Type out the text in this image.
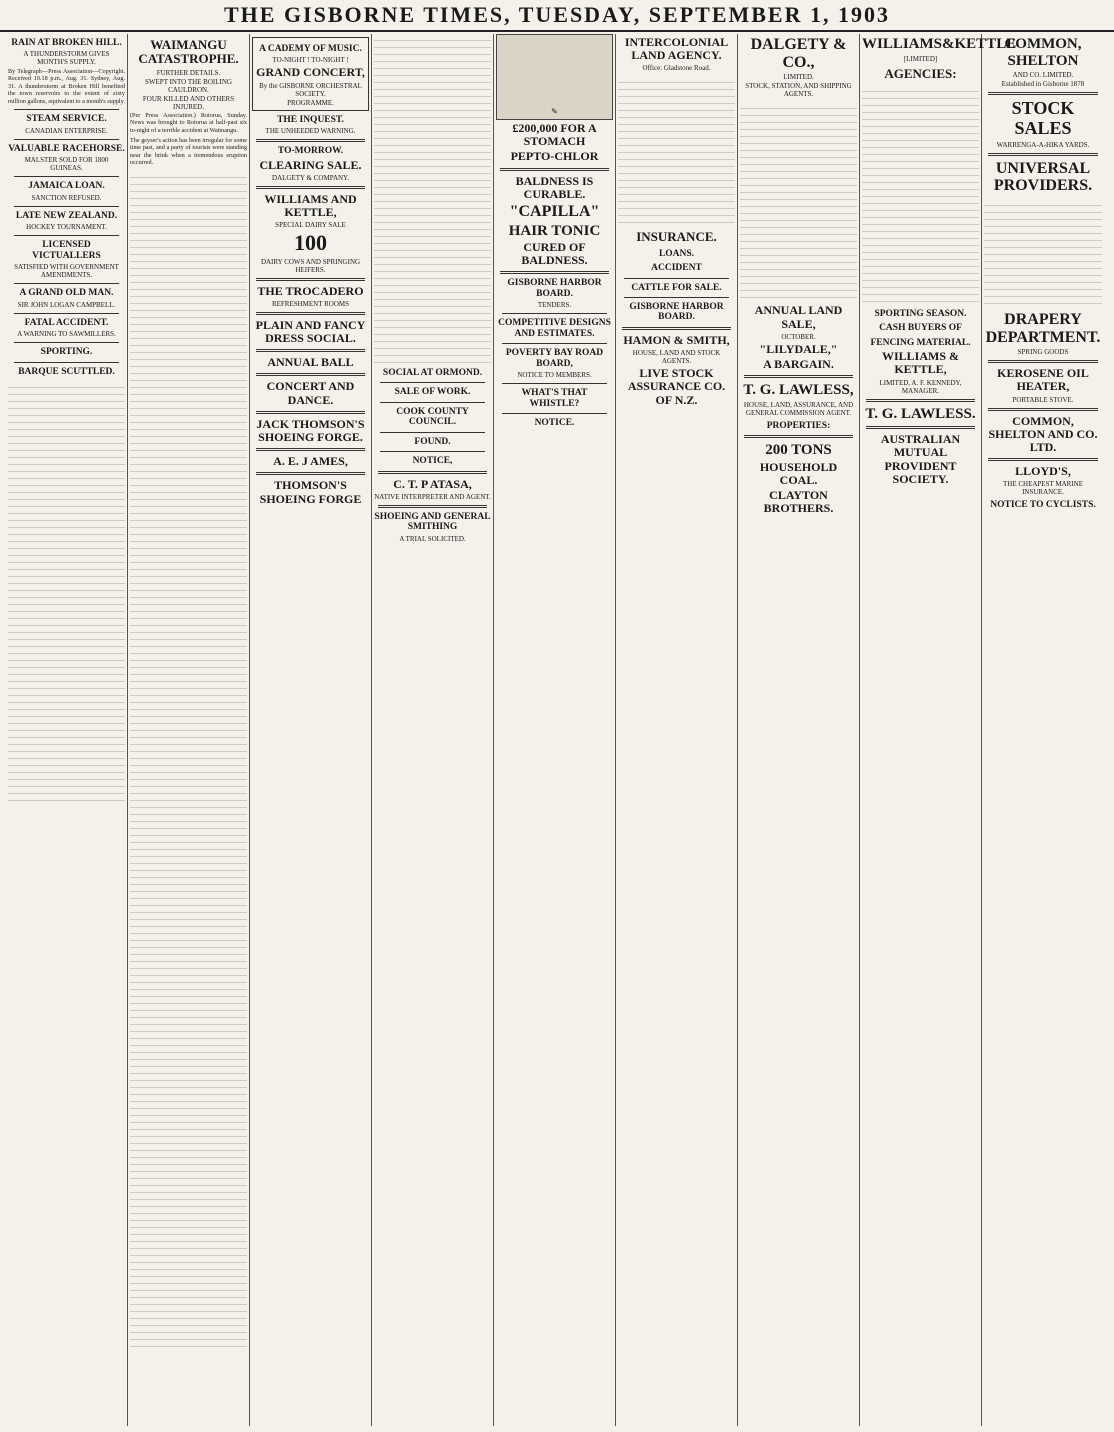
THE GISBORNE TIMES, TUESDAY, SEPTEMBER 1, 1903
RAIN AT BROKEN HILL.
A THUNDERSTORM GIVES MONTH'S SUPPLY.
By Telegraph—Press Association—Copyright. Received 10.18 p.m., Aug. 31. Sydney, Aug. 31. A thunderstorm at Broken Hill benefited the town reservoirs to the extent of sixty million gallons, equivalent to a month's supply.
STEAM SERVICE.
CANADIAN ENTERPRISE.
VALUABLE RACEHORSE.
MALSTER SOLD FOR 1800 GUINEAS.
JAMAICA LOAN.
SANCTION REFUSED.
LATE NEW ZEALAND.
HOCKEY TOURNAMENT.
LICENSED VICTUALLERS
SATISFIED WITH GOVERNMENT AMENDMENTS.
A GRAND OLD MAN.
SIR JOHN LOGAN CAMPBELL.
FATAL ACCIDENT.
A WARNING TO SAWMILLERS.
SPORTING.
BARQUE SCUTTLED.
WAIMANGU CATASTROPHE.
FURTHER DETAILS.
SWEPT INTO THE BOILING CAULDRON.
FOUR KILLED AND OTHERS INJURED.
(Per Press Association.) Rotorua, Sunday. News was brought to Rotorua at half-past six to-night of a terrible accident at Waimangu.
The geyser's action has been irregular for some time past, and a party of tourists were standing near the brink when a tremendous eruption occurred.
A CADEMY OF MUSIC.
TO-NIGHT ! TO-NIGHT !
GRAND CONCERT,
By the GISBORNE ORCHESTRAL SOCIETY.
PROGRAMME.
THE INQUEST.
THE UNHEEDED WARNING.
TO-MORROW.
CLEARING SALE.
DALGETY & COMPANY.
WILLIAMS AND KETTLE,
SPECIAL DAIRY SALE
100
DAIRY COWS AND SPRINGING HEIFERS.
THE TROCADERO
REFRESHMENT ROOMS
PLAIN AND FANCY DRESS SOCIAL.
ANNUAL BALL
CONCERT AND DANCE.
JACK THOMSON'S SHOEING FORGE.
A. E. J AMES,
THOMSON'S SHOEING FORGE
SOCIAL AT ORMOND.
SALE OF WORK.
COOK COUNTY COUNCIL.
FOUND.
NOTICE,
C. T. P ATASA,
NATIVE INTERPRETER AND AGENT.
SHOEING AND GENERAL SMITHING
A TRIAL SOLICITED.
✎
£200,000 FOR A STOMACH
PEPTO-CHLOR
BALDNESS IS CURABLE.
"CAPILLA"
HAIR TONIC
CURED OF BALDNESS.
GISBORNE HARBOR BOARD.
TENDERS.
COMPETITIVE DESIGNS AND ESTIMATES.
POVERTY BAY ROAD BOARD,
NOTICE TO MEMBERS.
WHAT'S THAT WHISTLE?
NOTICE.
INTERCOLONIAL LAND AGENCY.
Office: Gladstone Road.
INSURANCE.
LOANS.
ACCIDENT
CATTLE FOR SALE.
GISBORNE HARBOR BOARD.
HAMON & SMITH,
HOUSE, LAND AND STOCK AGENTS.
LIVE STOCK ASSURANCE CO. OF N.Z.
DALGETY & CO.,
LIMITED.
STOCK, STATION, AND SHIPPING AGENTS.
ANNUAL LAND SALE,
OCTOBER.
"LILYDALE,"
A BARGAIN.
T. G. LAWLESS,
HOUSE, LAND, ASSURANCE, AND GENERAL COMMISSION AGENT.
PROPERTIES:
200 TONS
HOUSEHOLD COAL.
CLAYTON BROTHERS.
WILLIAMS&KETTLE
[LIMITED]
AGENCIES:
SPORTING SEASON.
CASH BUYERS OF
FENCING MATERIAL.
WILLIAMS & KETTLE,
LIMITED, A. F. KENNEDY, MANAGER.
T. G. LAWLESS.
AUSTRALIAN MUTUAL PROVIDENT SOCIETY.
COMMON, SHELTON
AND CO. LIMITED.
Established in Gisborne 1878
STOCK SALES
WARRENGA-A-HIKA YARDS.
UNIVERSAL PROVIDERS.
DRAPERY DEPARTMENT.
SPRING GOODS
KEROSENE OIL HEATER,
PORTABLE STOVE.
COMMON, SHELTON AND CO. LTD.
LLOYD'S,
THE CHEAPEST MARINE INSURANCE.
NOTICE TO CYCLISTS.
